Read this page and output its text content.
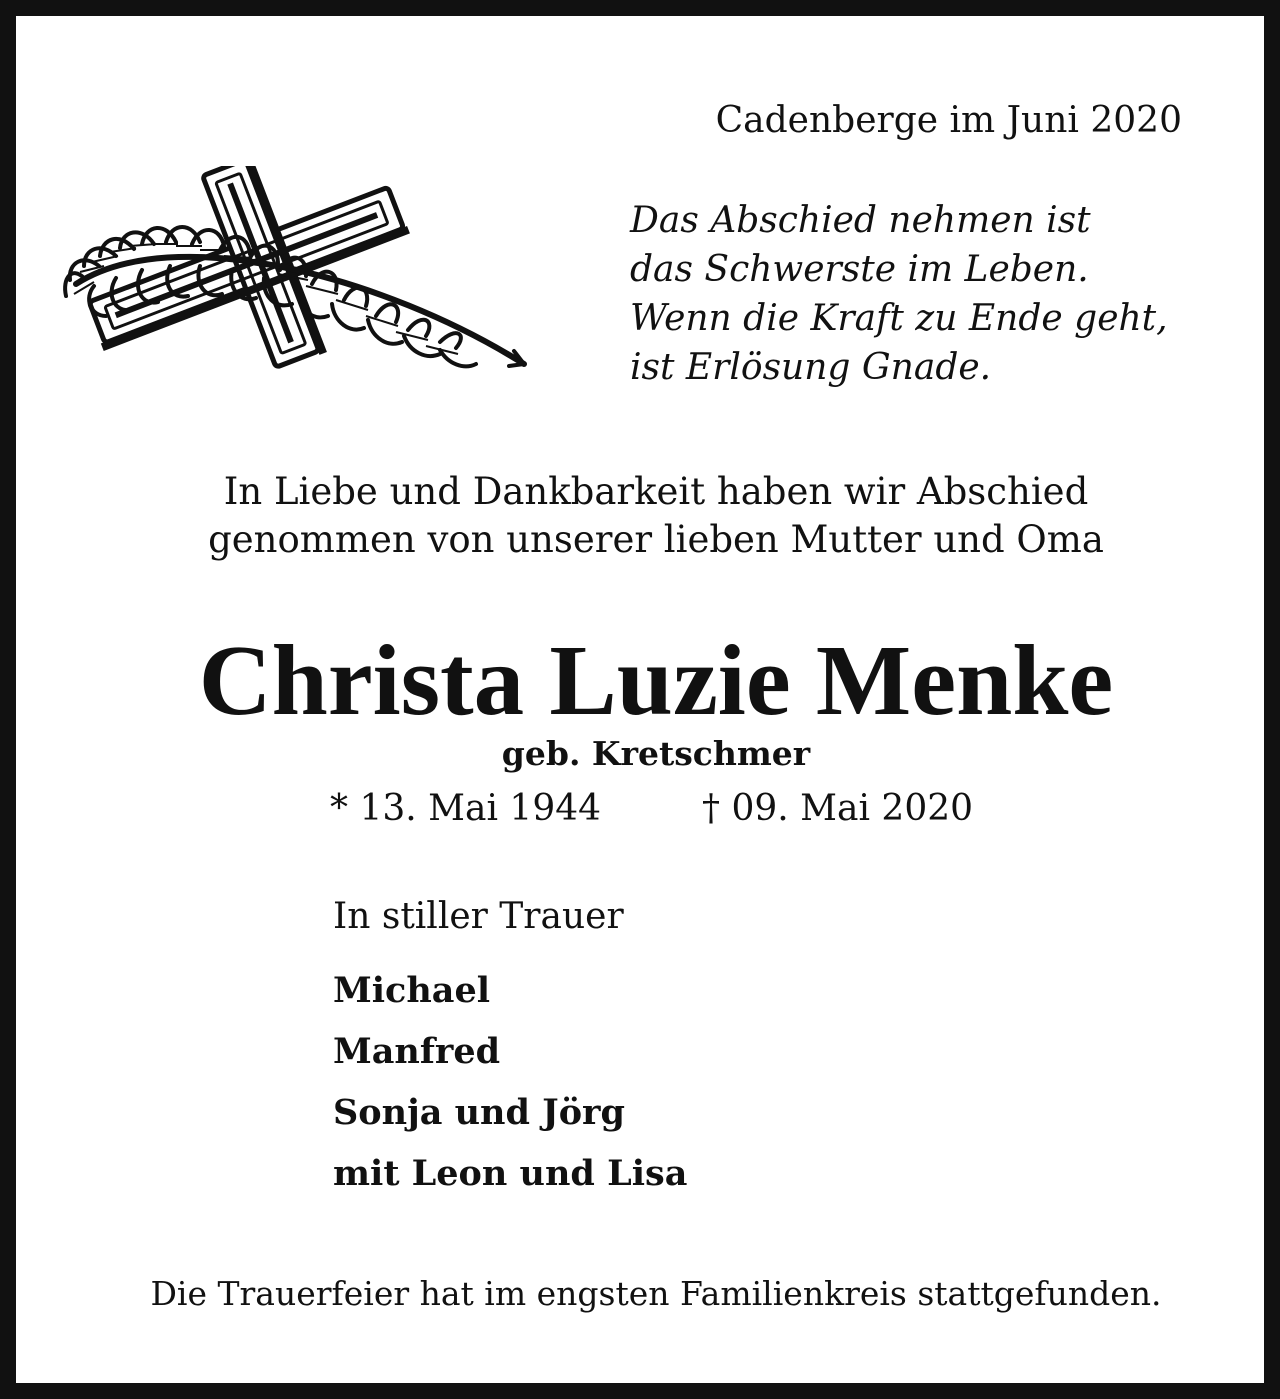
Cadenberge im Juni 2020
Das Abschied nehmen ist
das Schwerste im Leben.
Wenn die Kraft zu Ende geht,
ist Erlösung Gnade.
In Liebe und Dankbarkeit haben wir Abschied
genommen von unserer lieben Mutter und Oma
Christa Luzie Menke
geb. Kretschmer
* 13. Mai 1944	† 09. Mai 2020
In stiller Trauer
Michael
Manfred
Sonja und Jörg
mit Leon und Lisa
Die Trauerfeier hat im engsten Familienkreis stattgefunden.
